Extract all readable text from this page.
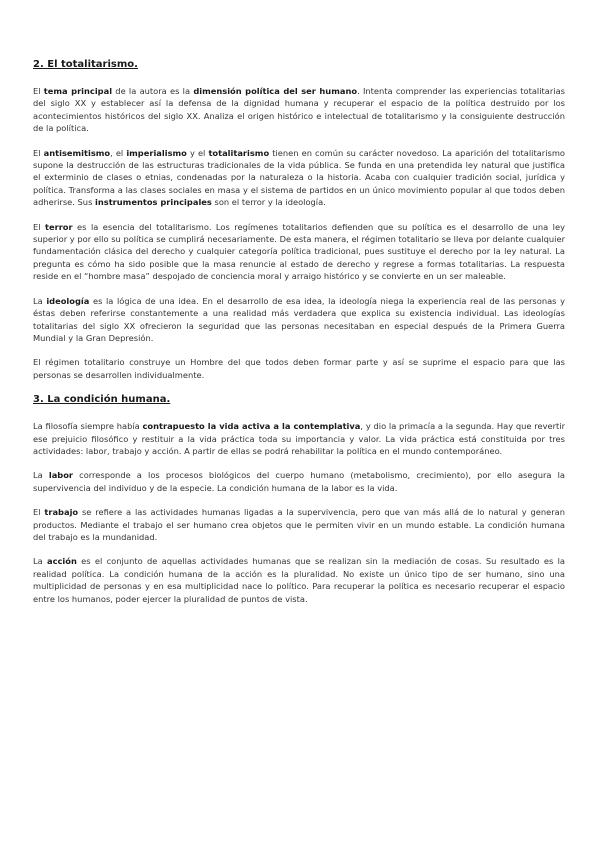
2. El totalitarismo.

El tema principal de la autora es la dimensión política del ser humano. Intenta comprender las experiencias totalitarias del siglo XX y establecer así la defensa de la dignidad humana y recuperar el espacio de la política destruido por los acontecimientos históricos del siglo XX. Analiza el origen histórico e intelectual de totalitarismo y la consiguiente destrucción de la política.

El antisemitismo, el imperialismo y el totalitarismo tienen en común su carácter novedoso. La aparición del totalitarismo supone la destrucción de las estructuras tradicionales de la vida pública. Se funda en una pretendida ley natural que justifica el exterminio de clases o etnias, condenadas por la naturaleza o la historia. Acaba con cualquier tradición social, jurídica y política. Transforma a las clases sociales en masa y el sistema de partidos en un único movimiento popular al que todos deben adherirse. Sus instrumentos principales son el terror y la ideología.

El terror es la esencia del totalitarismo. Los regímenes totalitarios defienden que su política es el desarrollo de una ley superior y por ello su política se cumplirá necesariamente. De esta manera, el régimen totalitario se lleva por delante cualquier fundamentación clásica del derecho y cualquier categoría política tradicional, pues sustituye el derecho por la ley natural. La pregunta es cómo ha sido posible que la masa renuncie al estado de derecho y regrese a formas totalitarias. La respuesta reside en el “hombre masa” despojado de conciencia moral y arraigo histórico y se convierte en un ser maleable.

La ideología es la lógica de una idea. En el desarrollo de esa idea, la ideología niega la experiencia real de las personas y éstas deben referirse constantemente a una realidad más verdadera que explica su existencia individual. Las ideologías totalitarias del siglo XX ofrecieron la seguridad que las personas necesitaban en especial después de la Primera Guerra Mundial y la Gran Depresión.

El régimen totalitario construye un Hombre del que todos deben formar parte y así se suprime el espacio para que las personas se desarrollen individualmente.

3. La condición humana.

La filosofía siempre había contrapuesto la vida activa a la contemplativa, y dio la primacía a la segunda. Hay que revertir ese prejuicio filosófico y restituir a la vida práctica toda su importancia y valor. La vida práctica está constituida por tres actividades: labor, trabajo y acción. A partir de ellas se podrá rehabilitar la política en el mundo contemporáneo.

La labor corresponde a los procesos biológicos del cuerpo humano (metabolismo, crecimiento), por ello asegura la supervivencia del individuo y de la especie. La condición humana de la labor es la vida.

El trabajo se refiere a las actividades humanas ligadas a la supervivencia, pero que van más allá de lo natural y generan productos. Mediante el trabajo el ser humano crea objetos que le permiten vivir en un mundo estable. La condición humana del trabajo es la mundanidad.

La acción es el conjunto de aquellas actividades humanas que se realizan sin la mediación de cosas. Su resultado es la realidad política. La condición humana de la acción es la pluralidad. No existe un único tipo de ser humano, sino una multiplicidad de personas y en esa multiplicidad nace lo político. Para recuperar la política es necesario recuperar el espacio entre los humanos, poder ejercer la pluralidad de puntos de vista.
